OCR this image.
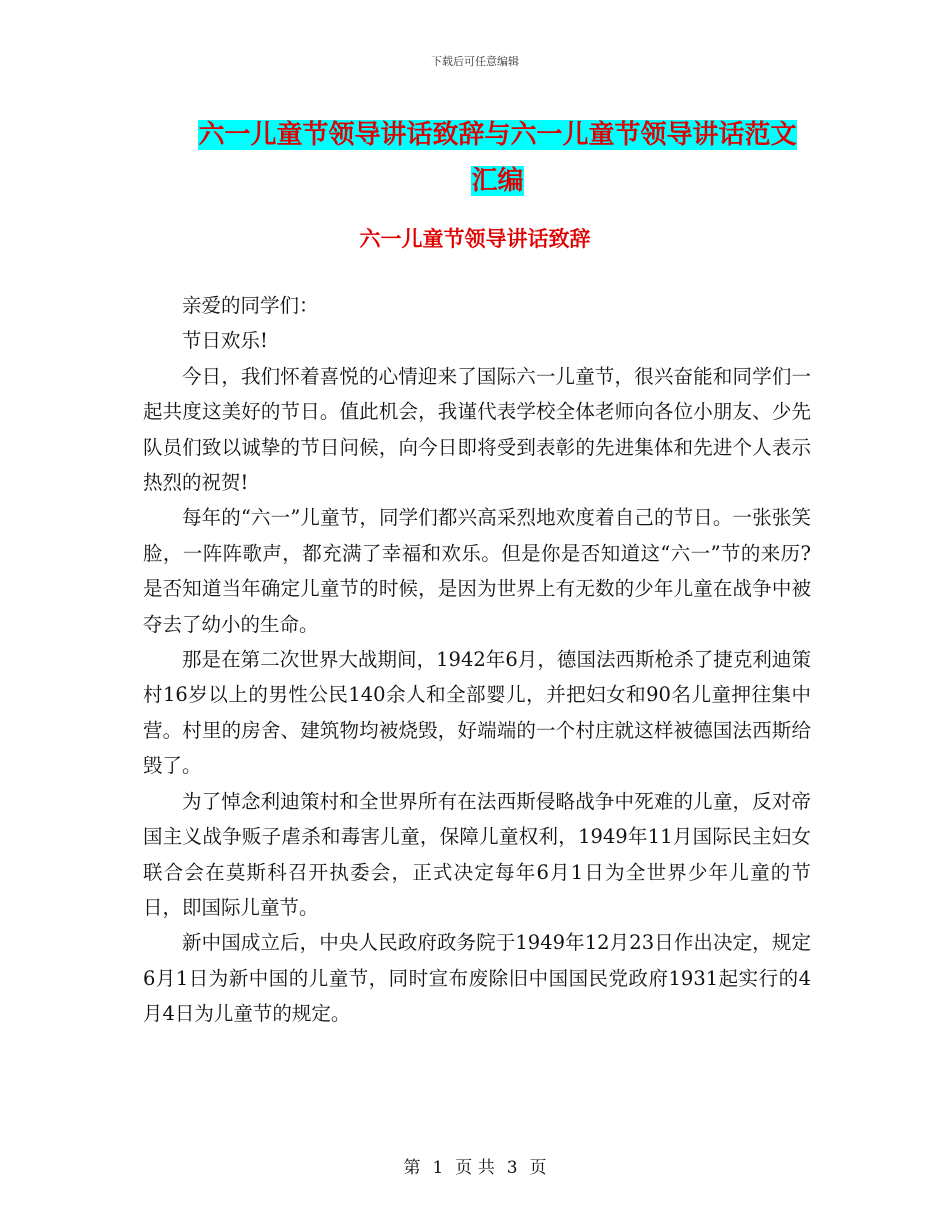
下载后可任意编辑
六一儿童节领导讲话致辞与六一儿童节领导讲话范文
汇编
六一儿童节领导讲话致辞

亲爱的同学们：

节日欢乐!

今日，我们怀着喜悦的心情迎来了国际六一儿童节，很兴奋能和同学们一起共度这美好的节日。值此机会，我谨代表学校全体老师向各位小朋友、少先队员们致以诚挚的节日问候，向今日即将受到表彰的先进集体和先进个人表示热烈的祝贺!

每年的“六一”儿童节，同学们都兴高采烈地欢度着自己的节日。一张张笑脸，一阵阵歌声，都充满了幸福和欢乐。但是你是否知道这“六一”节的来历?是否知道当年确定儿童节的时候，是因为世界上有无数的少年儿童在战争中被夺去了幼小的生命。

那是在第二次世界大战期间，1942年6月，德国法西斯枪杀了捷克利迪策村16岁以上的男性公民140余人和全部婴儿，并把妇女和90名儿童押往集中营。村里的房舍、建筑物均被烧毁，好端端的一个村庄就这样被德国法西斯给毁了。

为了悼念利迪策村和全世界所有在法西斯侵略战争中死难的儿童，反对帝国主义战争贩子虐杀和毒害儿童，保障儿童权利，1949年11月国际民主妇女联合会在莫斯科召开执委会，正式决定每年6月1日为全世界少年儿童的节日，即国际儿童节。

新中国成立后，中央人民政府政务院于1949年12月23日作出决定，规定6月1日为新中国的儿童节，同时宣布废除旧中国国民党政府1931起实行的4月4日为儿童节的规定。

第 1 页 共 3 页
